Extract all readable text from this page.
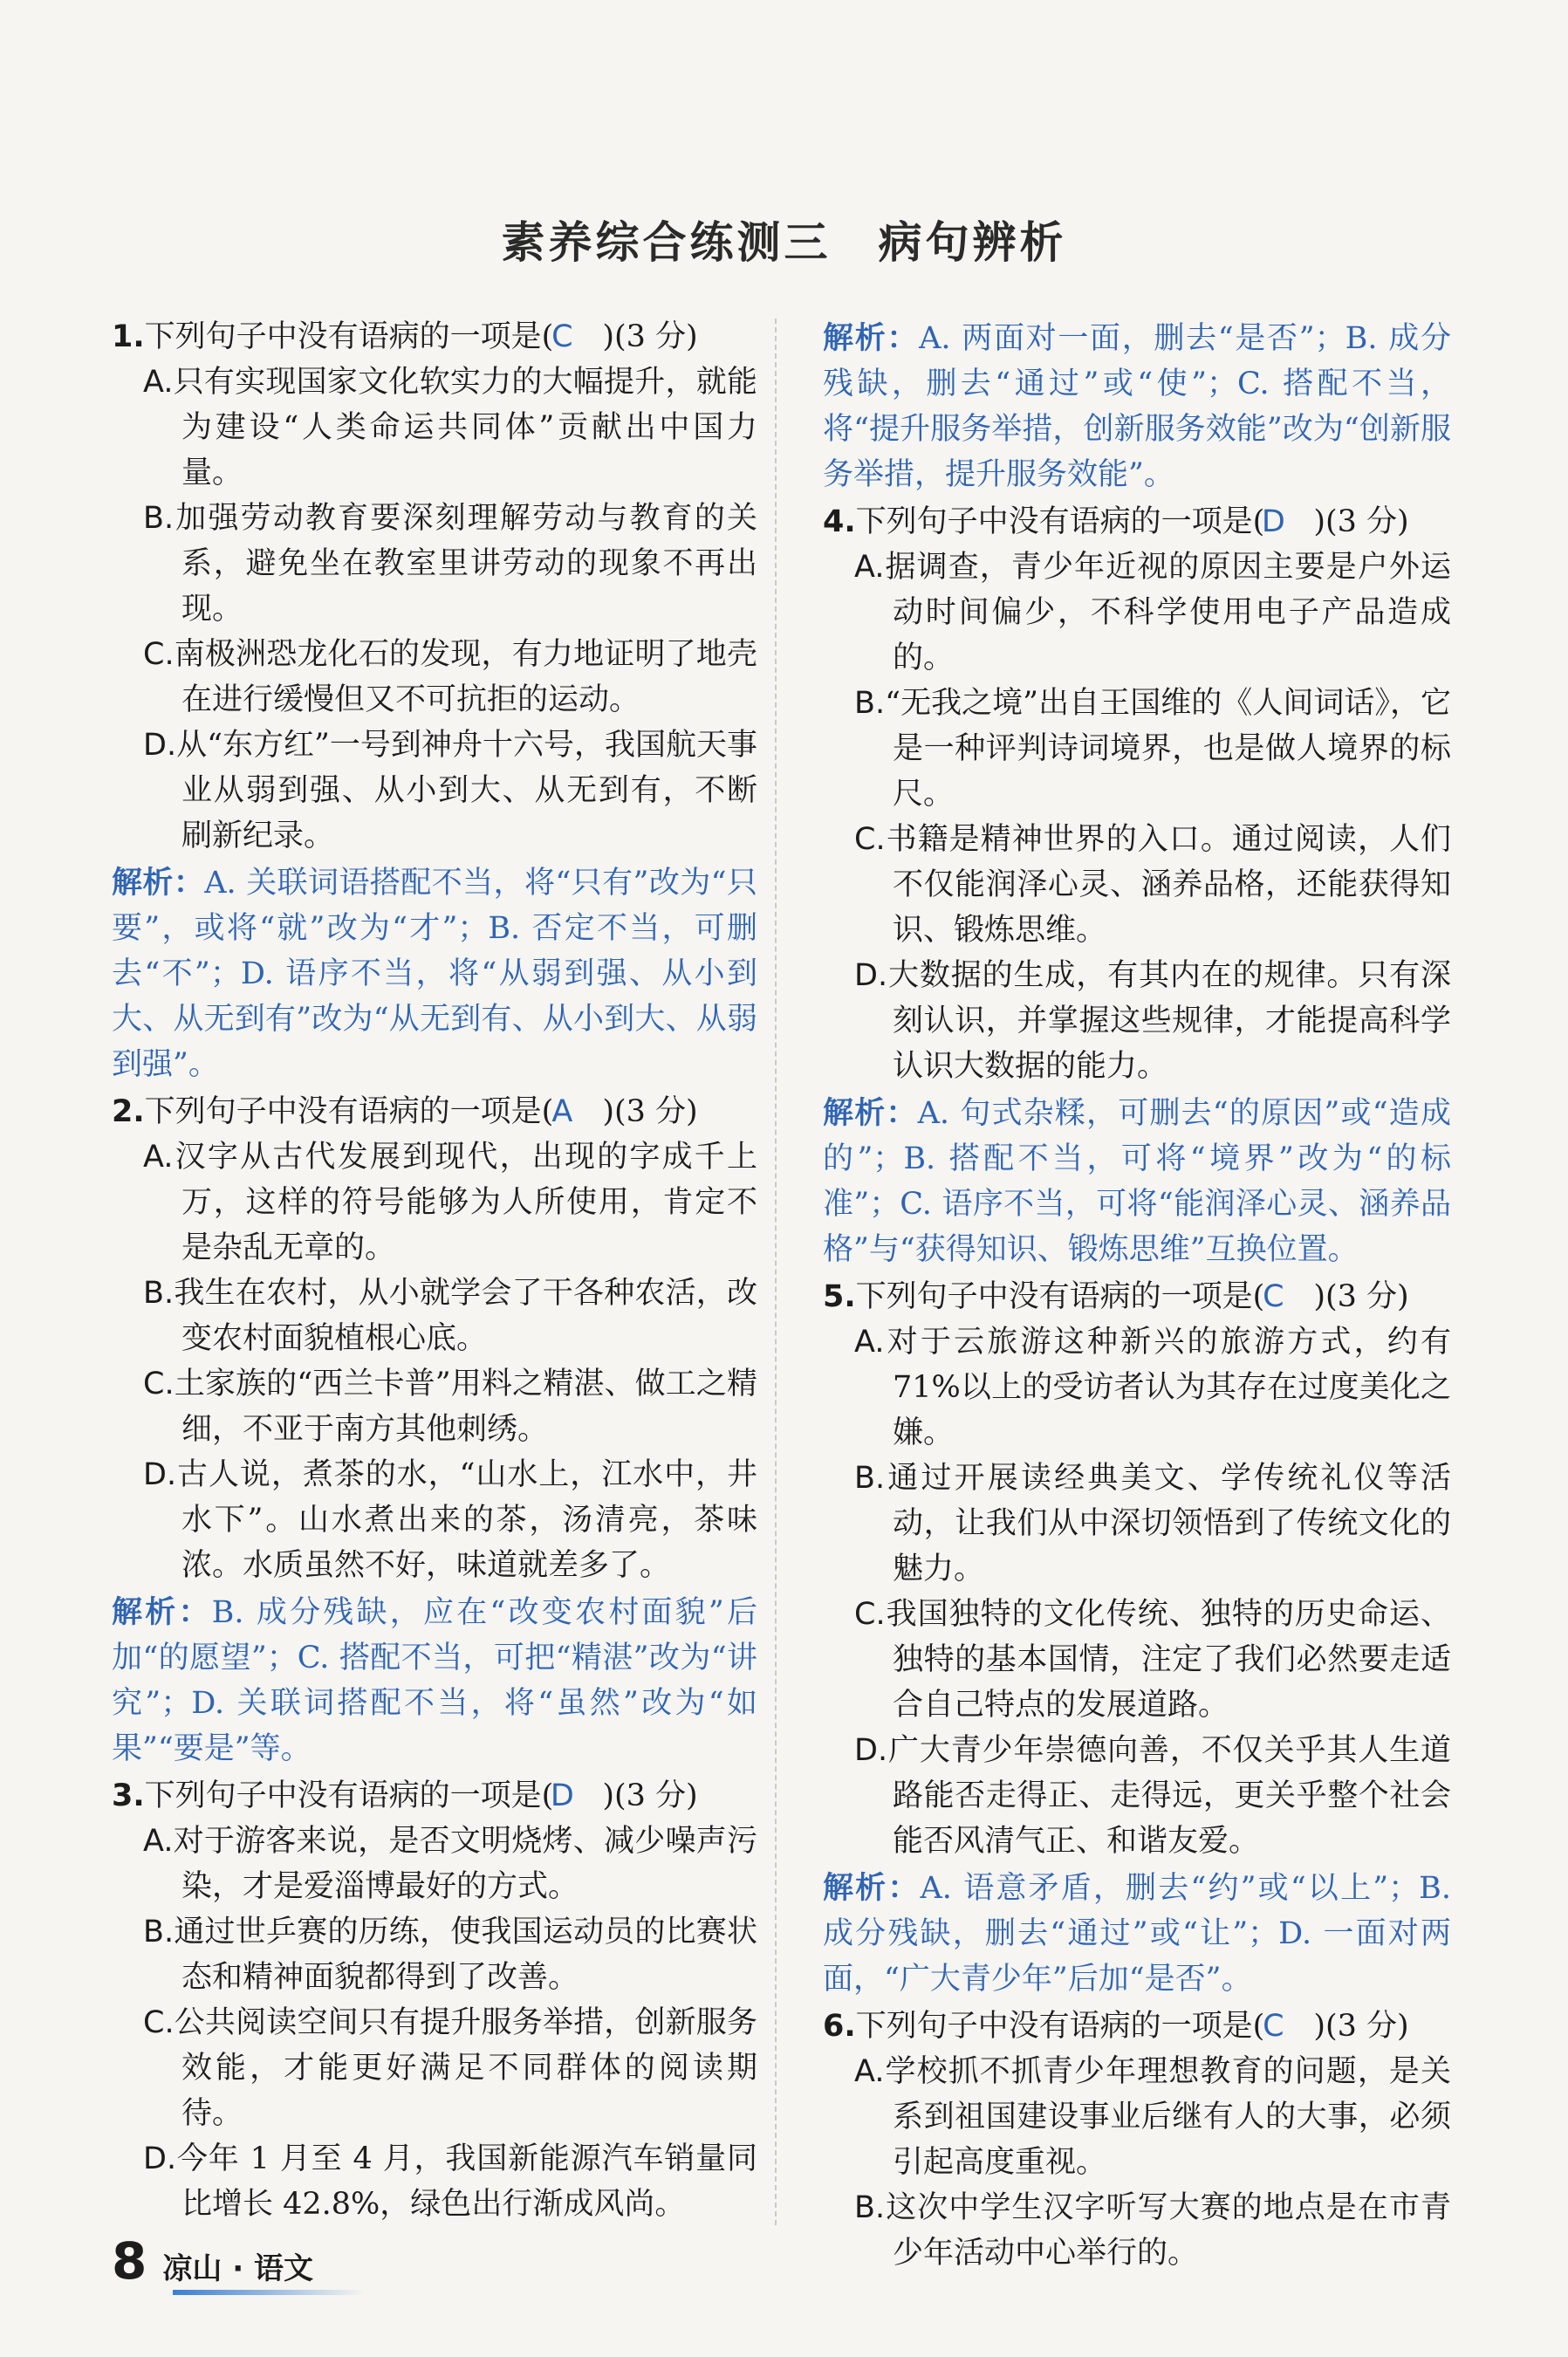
素养综合练测三　病句辨析
1.下列句子中没有语病的一项是(C )(3 分)
A.只有实现国家文化软实力的大幅提升，就能为建设“人类命运共同体”贡献出中国力量。
B.加强劳动教育要深刻理解劳动与教育的关系，避免坐在教室里讲劳动的现象不再出现。
C.南极洲恐龙化石的发现，有力地证明了地壳在进行缓慢但又不可抗拒的运动。
D.从“东方红”一号到神舟十六号，我国航天事业从弱到强、从小到大、从无到有，不断刷新纪录。
解析：A. 关联词语搭配不当，将“只有”改为“只要”，或将“就”改为“才”；B. 否定不当，可删去“不”；D. 语序不当，将“从弱到强、从小到大、从无到有”改为“从无到有、从小到大、从弱到强”。
2.下列句子中没有语病的一项是(A )(3 分)
A.汉字从古代发展到现代，出现的字成千上万，这样的符号能够为人所使用，肯定不是杂乱无章的。
B.我生在农村，从小就学会了干各种农活，改变农村面貌植根心底。
C.土家族的“西兰卡普”用料之精湛、做工之精细，不亚于南方其他刺绣。
D.古人说，煮茶的水，“山水上，江水中，井水下”。山水煮出来的茶，汤清亮，茶味浓。水质虽然不好，味道就差多了。
解析：B. 成分残缺，应在“改变农村面貌”后加“的愿望”；C. 搭配不当，可把“精湛”改为“讲究”；D. 关联词搭配不当，将“虽然”改为“如果”“要是”等。
3.下列句子中没有语病的一项是(D )(3 分)
A.对于游客来说，是否文明烧烤、减少噪声污染，才是爱淄博最好的方式。
B.通过世乒赛的历练，使我国运动员的比赛状态和精神面貌都得到了改善。
C.公共阅读空间只有提升服务举措，创新服务效能，才能更好满足不同群体的阅读期待。
D.今年 1 月至 4 月，我国新能源汽车销量同比增长 42.8%，绿色出行渐成风尚。
解析：A. 两面对一面，删去“是否”；B. 成分残缺，删去“通过”或“使”；C. 搭配不当，将“提升服务举措，创新服务效能”改为“创新服务举措，提升服务效能”。
4.下列句子中没有语病的一项是(D )(3 分)
A.据调查，青少年近视的原因主要是户外运动时间偏少，不科学使用电子产品造成的。
B.“无我之境”出自王国维的《人间词话》，它是一种评判诗词境界，也是做人境界的标尺。
C.书籍是精神世界的入口。通过阅读，人们不仅能润泽心灵、涵养品格，还能获得知识、锻炼思维。
D.大数据的生成，有其内在的规律。只有深刻认识，并掌握这些规律，才能提高科学认识大数据的能力。
解析：A. 句式杂糅，可删去“的原因”或“造成的”；B. 搭配不当，可将“境界”改为“的标准”；C. 语序不当，可将“能润泽心灵、涵养品格”与“获得知识、锻炼思维”互换位置。
5.下列句子中没有语病的一项是(C )(3 分)
A.对于云旅游这种新兴的旅游方式，约有 71%以上的受访者认为其存在过度美化之嫌。
B.通过开展读经典美文、学传统礼仪等活动，让我们从中深切领悟到了传统文化的魅力。
C.我国独特的文化传统、独特的历史命运、独特的基本国情，注定了我们必然要走适合自己特点的发展道路。
D.广大青少年崇德向善，不仅关乎其人生道路能否走得正、走得远，更关乎整个社会能否风清气正、和谐友爱。
解析：A. 语意矛盾，删去“约”或“以上”；B. 成分残缺，删去“通过”或“让”；D. 一面对两面，“广大青少年”后加“是否”。
6.下列句子中没有语病的一项是(C )(3 分)
A.学校抓不抓青少年理想教育的问题，是关系到祖国建设事业后继有人的大事，必须引起高度重视。
B.这次中学生汉字听写大赛的地点是在市青少年活动中心举行的。
8 凉山 · 语文
